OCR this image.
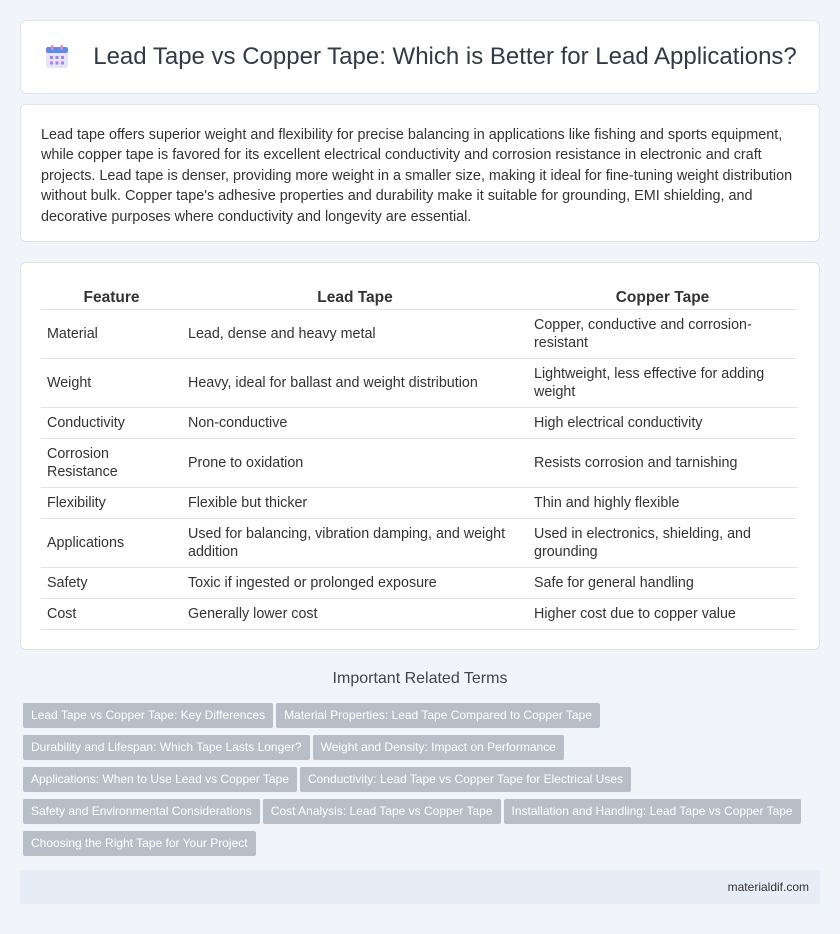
Lead Tape vs Copper Tape: Which is Better for Lead Applications?
Lead tape offers superior weight and flexibility for precise balancing in applications like fishing and sports equipment, while copper tape is favored for its excellent electrical conductivity and corrosion resistance in electronic and craft projects. Lead tape is denser, providing more weight in a smaller size, making it ideal for fine-tuning weight distribution without bulk. Copper tape's adhesive properties and durability make it suitable for grounding, EMI shielding, and decorative purposes where conductivity and longevity are essential.
Feature	Lead Tape	Copper Tape
Material	Lead, dense and heavy metal	Copper, conductive and corrosion-resistant
Weight	Heavy, ideal for ballast and weight distribution	Lightweight, less effective for adding weight
Conductivity	Non-conductive	High electrical conductivity
Corrosion Resistance	Prone to oxidation	Resists corrosion and tarnishing
Flexibility	Flexible but thicker	Thin and highly flexible
Applications	Used for balancing, vibration damping, and weight addition	Used in electronics, shielding, and grounding
Safety	Toxic if ingested or prolonged exposure	Safe for general handling
Cost	Generally lower cost	Higher cost due to copper value
Important Related Terms
Lead Tape vs Copper Tape: Key Differences Material Properties: Lead Tape Compared to Copper Tape
Durability and Lifespan: Which Tape Lasts Longer? Weight and Density: Impact on Performance
Applications: When to Use Lead vs Copper Tape Conductivity: Lead Tape vs Copper Tape for Electrical Uses
Safety and Environmental Considerations Cost Analysis: Lead Tape vs Copper Tape Installation and Handling: Lead Tape vs Copper Tape
Choosing the Right Tape for Your Project
materialdif.com
